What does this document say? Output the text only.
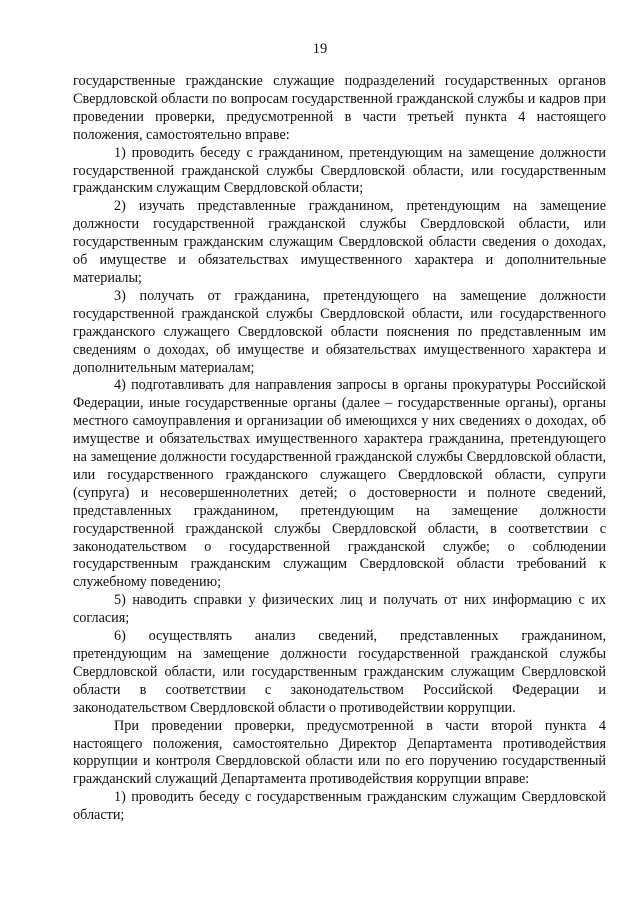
19

государственные гражданские служащие подразделений государственных органов Свердловской области по вопросам государственной гражданской службы и кадров при проведении проверки, предусмотренной в части третьей пункта 4 настоящего положения, самостоятельно вправе:

1) проводить беседу с гражданином, претендующим на замещение должности государственной гражданской службы Свердловской области, или государственным гражданским служащим Свердловской области;

2) изучать представленные гражданином, претендующим на замещение должности государственной гражданской службы Свердловской области, или государственным гражданским служащим Свердловской области сведения о доходах, об имуществе и обязательствах имущественного характера и дополнительные материалы;

3) получать от гражданина, претендующего на замещение должности государственной гражданской службы Свердловской области, или государственного гражданского служащего Свердловской области пояснения по представленным им сведениям о доходах, об имуществе и обязательствах имущественного характера и дополнительным материалам;

4) подготавливать для направления запросы в органы прокуратуры Российской Федерации, иные государственные органы (далее – государственные органы), органы местного самоуправления и организации об имеющихся у них сведениях о доходах, об имуществе и обязательствах имущественного характера гражданина, претендующего на замещение должности государственной гражданской службы Свердловской области, или государственного гражданского служащего Свердловской области, супруги (супруга) и несовершеннолетних детей; о достоверности и полноте сведений, представленных гражданином, претендующим на замещение должности государственной гражданской службы Свердловской области, в соответствии с законодательством о государственной гражданской службе; о соблюдении государственным гражданским служащим Свердловской области требований к служебному поведению;

5) наводить справки у физических лиц и получать от них информацию с их согласия;

6) осуществлять анализ сведений, представленных гражданином, претендующим на замещение должности государственной гражданской службы Свердловской области, или государственным гражданским служащим Свердловской области в соответствии с законодательством Российской Федерации и законодательством Свердловской области о противодействии коррупции.

При проведении проверки, предусмотренной в части второй пункта 4 настоящего положения, самостоятельно Директор Департамента противодействия коррупции и контроля Свердловской области или по его поручению государственный гражданский служащий Департамента противодействия коррупции вправе:

1) проводить беседу с государственным гражданским служащим Свердловской области;
